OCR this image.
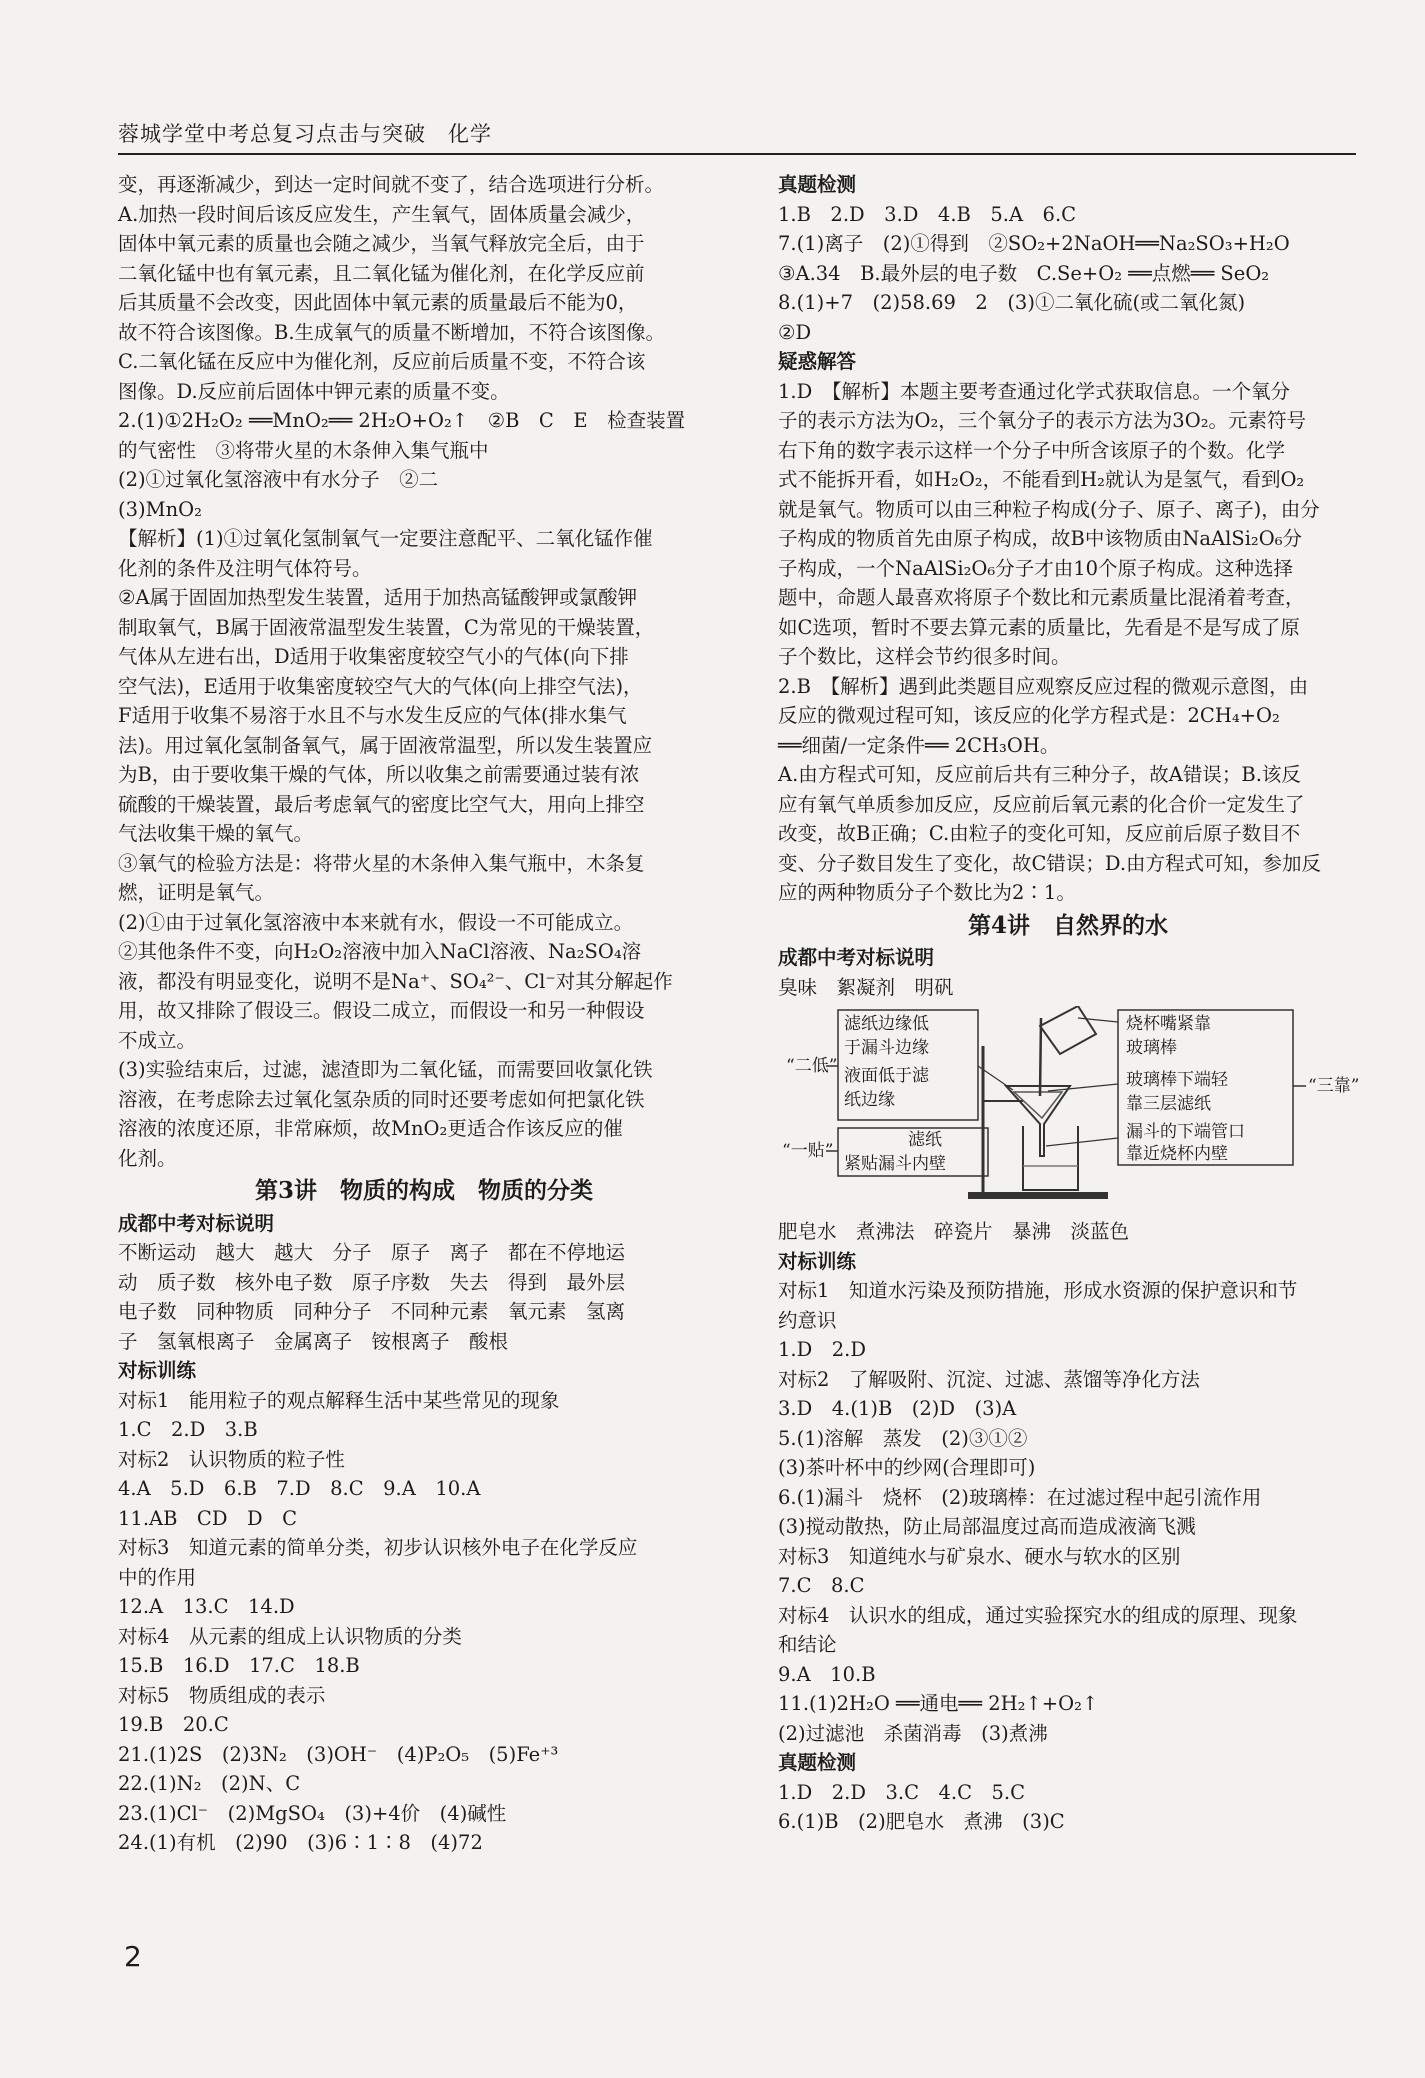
蓉城学堂中考总复习点击与突破　化学

变，再逐渐减少，到达一定时间就不变了，结合选项进行分析。

A.加热一段时间后该反应发生，产生氧气，固体质量会减少，

固体中氧元素的质量也会随之减少，当氧气释放完全后，由于

二氧化锰中也有氧元素，且二氧化锰为催化剂，在化学反应前

后其质量不会改变，因此固体中氧元素的质量最后不能为0，

故不符合该图像。B.生成氧气的质量不断增加，不符合该图像。

C.二氧化锰在反应中为催化剂，反应前后质量不变，不符合该

图像。D.反应前后固体中钾元素的质量不变。

2.(1)①2H₂O₂ ══MnO₂══ 2H₂O+O₂↑　②B　C　E　检查装置

的气密性　③将带火星的木条伸入集气瓶中

(2)①过氧化氢溶液中有水分子　②二

(3)MnO₂

【解析】(1)①过氧化氢制氧气一定要注意配平、二氧化锰作催

化剂的条件及注明气体符号。

②A属于固固加热型发生装置，适用于加热高锰酸钾或氯酸钾

制取氧气，B属于固液常温型发生装置，C为常见的干燥装置，

气体从左进右出，D适用于收集密度较空气小的气体(向下排

空气法)，E适用于收集密度较空气大的气体(向上排空气法)，

F适用于收集不易溶于水且不与水发生反应的气体(排水集气

法)。用过氧化氢制备氧气，属于固液常温型，所以发生装置应

为B，由于要收集干燥的气体，所以收集之前需要通过装有浓

硫酸的干燥装置，最后考虑氧气的密度比空气大，用向上排空

气法收集干燥的氧气。

③氧气的检验方法是：将带火星的木条伸入集气瓶中，木条复

燃，证明是氧气。

(2)①由于过氧化氢溶液中本来就有水，假设一不可能成立。

②其他条件不变，向H₂O₂溶液中加入NaCl溶液、Na₂SO₄溶

液，都没有明显变化，说明不是Na⁺、SO₄²⁻、Cl⁻对其分解起作

用，故又排除了假设三。假设二成立，而假设一和另一种假设

不成立。

(3)实验结束后，过滤，滤渣即为二氧化锰，而需要回收氯化铁

溶液，在考虑除去过氧化氢杂质的同时还要考虑如何把氯化铁

溶液的浓度还原，非常麻烦，故MnO₂更适合作该反应的催

化剂。

第3讲　物质的构成　物质的分类

成都中考对标说明

不断运动　越大　越大　分子　原子　离子　都在不停地运

动　质子数　核外电子数　原子序数　失去　得到　最外层

电子数　同种物质　同种分子　不同种元素　氧元素　氢离

子　氢氧根离子　金属离子　铵根离子　酸根

对标训练

对标1　能用粒子的观点解释生活中某些常见的现象

1.C　2.D　3.B

对标2　认识物质的粒子性

4.A　5.D　6.B　7.D　8.C　9.A　10.A

11.AB　CD　D　C

对标3　知道元素的简单分类，初步认识核外电子在化学反应

中的作用

12.A　13.C　14.D

对标4　从元素的组成上认识物质的分类

15.B　16.D　17.C　18.B

对标5　物质组成的表示

19.B　20.C

21.(1)2S　(2)3N₂　(3)OH⁻　(4)P₂O₅　(5)Fe⁺³

22.(1)N₂　(2)N、C

23.(1)Cl⁻　(2)MgSO₄　(3)+4价　(4)碱性

24.(1)有机　(2)90　(3)6∶1∶8　(4)72

真题检测

1.B　2.D　3.D　4.B　5.A　6.C

7.(1)离子　(2)①得到　②SO₂+2NaOH══Na₂SO₃+H₂O

③A.34　B.最外层的电子数　C.Se+O₂ ══点燃══ SeO₂

8.(1)+7　(2)58.69　2　(3)①二氧化硫(或二氧化氮)

②D

疑惑解答

1.D　【解析】本题主要考查通过化学式获取信息。一个氧分

子的表示方法为O₂，三个氧分子的表示方法为3O₂。元素符号

右下角的数字表示这样一个分子中所含该原子的个数。化学

式不能拆开看，如H₂O₂，不能看到H₂就认为是氢气，看到O₂

就是氧气。物质可以由三种粒子构成(分子、原子、离子)，由分

子构成的物质首先由原子构成，故B中该物质由NaAlSi₂O₆分

子构成，一个NaAlSi₂O₆分子才由10个原子构成。这种选择

题中，命题人最喜欢将原子个数比和元素质量比混淆着考查，

如C选项，暂时不要去算元素的质量比，先看是不是写成了原

子个数比，这样会节约很多时间。

2.B　【解析】遇到此类题目应观察反应过程的微观示意图，由

反应的微观过程可知，该反应的化学方程式是：2CH₄+O₂

══细菌/一定条件══ 2CH₃OH。

A.由方程式可知，反应前后共有三种分子，故A错误；B.该反

应有氧气单质参加反应，反应前后氧元素的化合价一定发生了

改变，故B正确；C.由粒子的变化可知，反应前后原子数目不

变、分子数目发生了变化，故C错误；D.由方程式可知，参加反

应的两种物质分子个数比为2∶1。

第4讲　自然界的水

成都中考对标说明

臭味　絮凝剂　明矾

“二低”
“一贴”
“三靠”
滤纸边缘低
于漏斗边缘
液面低于滤
纸边缘
滤纸
紧贴漏斗内壁
烧杯嘴紧靠
玻璃棒
玻璃棒下端轻
靠三层滤纸
漏斗的下端管口
靠近烧杯内壁

肥皂水　煮沸法　碎瓷片　暴沸　淡蓝色

对标训练

对标1　知道水污染及预防措施，形成水资源的保护意识和节

约意识

1.D　2.D

对标2　了解吸附、沉淀、过滤、蒸馏等净化方法

3.D　4.(1)B　(2)D　(3)A

5.(1)溶解　蒸发　(2)③①②

(3)茶叶杯中的纱网(合理即可)

6.(1)漏斗　烧杯　(2)玻璃棒：在过滤过程中起引流作用

(3)搅动散热，防止局部温度过高而造成液滴飞溅

对标3　知道纯水与矿泉水、硬水与软水的区别

7.C　8.C

对标4　认识水的组成，通过实验探究水的组成的原理、现象

和结论

9.A　10.B

11.(1)2H₂O ══通电══ 2H₂↑+O₂↑

(2)过滤池　杀菌消毒　(3)煮沸

真题检测

1.D　2.D　3.C　4.C　5.C

6.(1)B　(2)肥皂水　煮沸　(3)C

2
